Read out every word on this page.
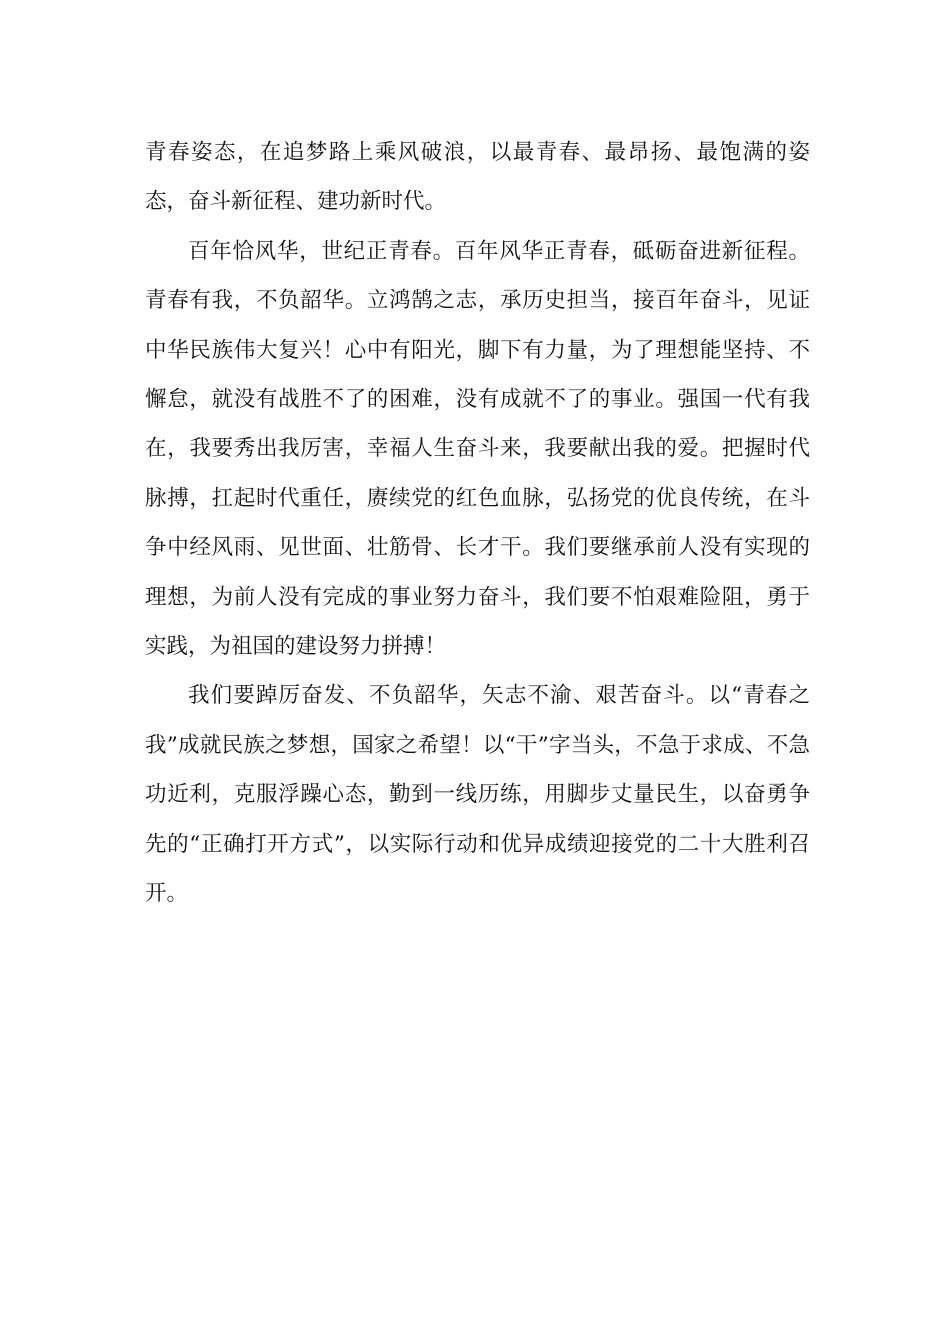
青春姿态，在追梦路上乘风破浪，以最青春、最昂扬、最饱满的姿态，奋斗新征程、建功新时代。

百年恰风华，世纪正青春。百年风华正青春，砥砺奋进新征程。青春有我，不负韶华。立鸿鹄之志，承历史担当，接百年奋斗，见证中华民族伟大复兴！心中有阳光，脚下有力量，为了理想能坚持、不懈怠，就没有战胜不了的困难，没有成就不了的事业。强国一代有我在，我要秀出我厉害，幸福人生奋斗来，我要献出我的爱。把握时代脉搏，扛起时代重任，赓续党的红色血脉，弘扬党的优良传统，在斗争中经风雨、见世面、壮筋骨、长才干。我们要继承前人没有实现的理想，为前人没有完成的事业努力奋斗，我们要不怕艰难险阻，勇于实践，为祖国的建设努力拼搏！

我们要踔厉奋发、不负韶华，矢志不渝、艰苦奋斗。以“青春之我”成就民族之梦想，国家之希望！以“干”字当头，不急于求成、不急功近利，克服浮躁心态，勤到一线历练，用脚步丈量民生，以奋勇争先的“正确打开方式”，以实际行动和优异成绩迎接党的二十大胜利召开。
